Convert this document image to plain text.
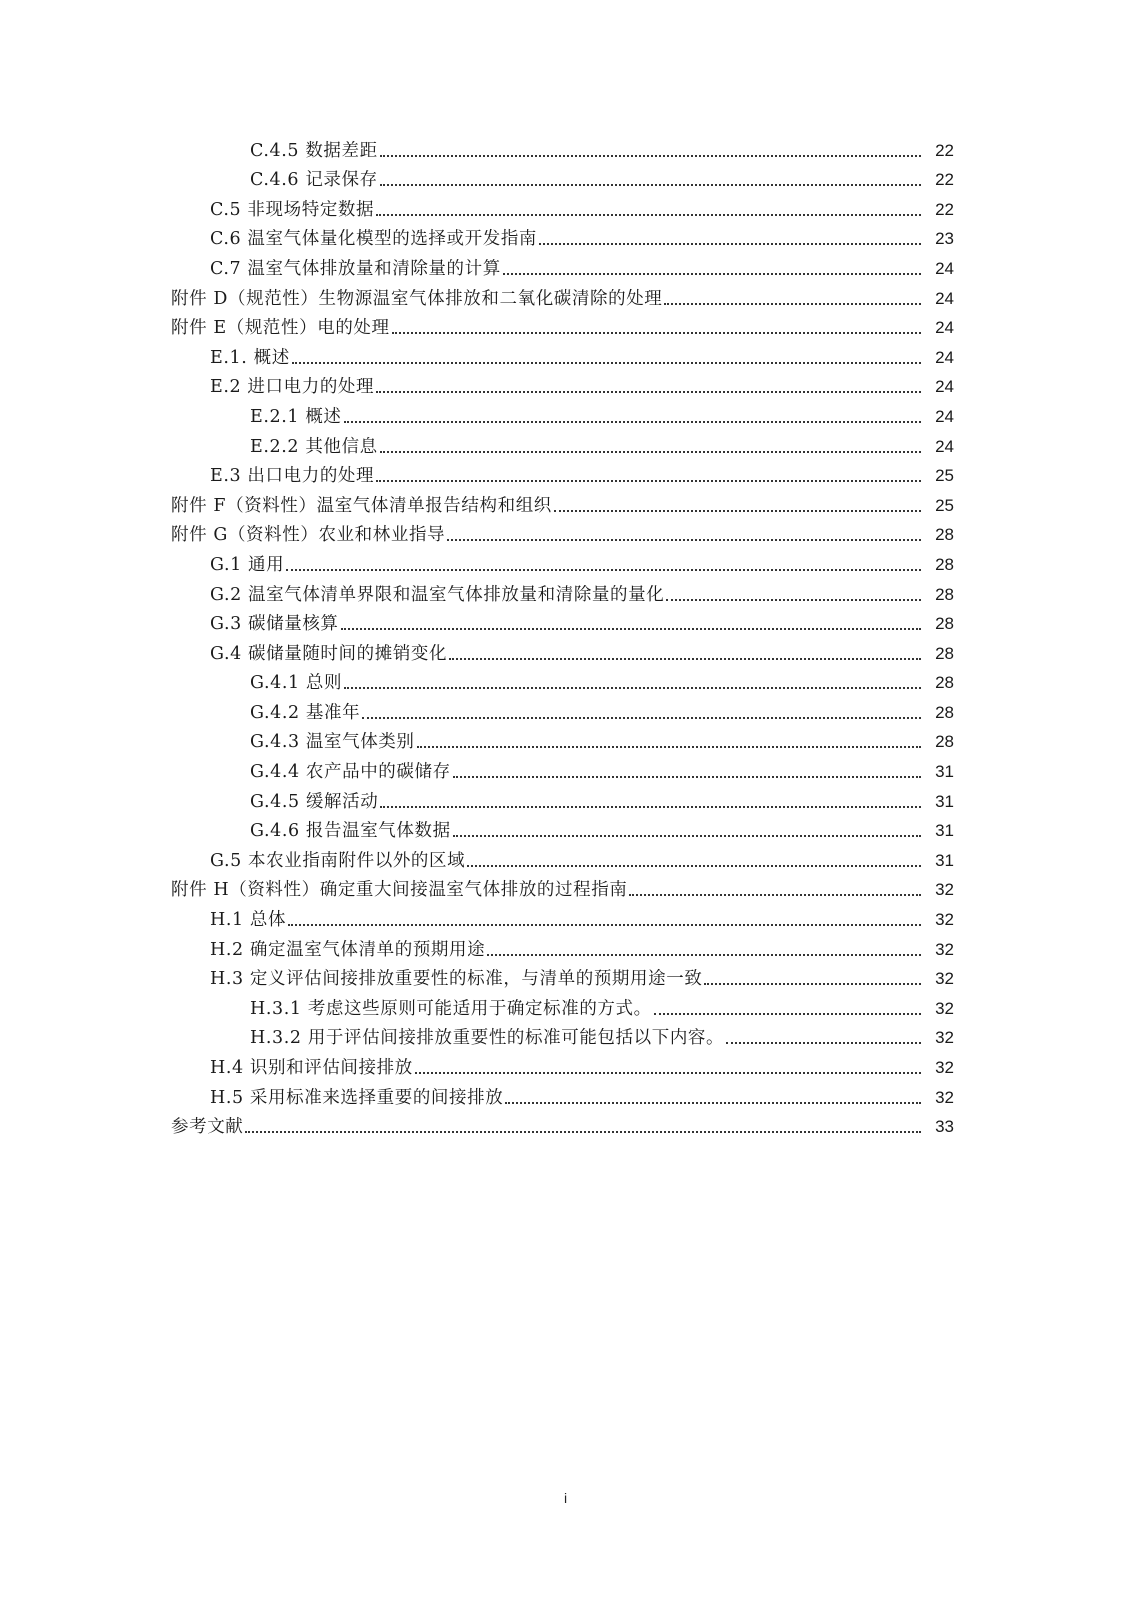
C.4.5 数据差距	22
C.4.6 记录保存	22
C.5 非现场特定数据	22
C.6 温室气体量化模型的选择或开发指南	23
C.7 温室气体排放量和清除量的计算	24
附件 D（规范性）生物源温室气体排放和二氧化碳清除的处理	24
附件 E（规范性）电的处理	24
E.1. 概述	24
E.2 进口电力的处理	24
E.2.1 概述	24
E.2.2 其他信息	24
E.3 出口电力的处理	25
附件 F（资料性）温室气体清单报告结构和组织	25
附件 G（资料性）农业和林业指导	28
G.1 通用	28
G.2 温室气体清单界限和温室气体排放量和清除量的量化	28
G.3 碳储量核算	28
G.4 碳储量随时间的摊销变化	28
G.4.1 总则	28
G.4.2 基准年	28
G.4.3 温室气体类别	28
G.4.4 农产品中的碳储存	31
G.4.5 缓解活动	31
G.4.6 报告温室气体数据	31
G.5 本农业指南附件以外的区域	31
附件 H（资料性）确定重大间接温室气体排放的过程指南	32
H.1 总体	32
H.2 确定温室气体清单的预期用途	32
H.3 定义评估间接排放重要性的标准，与清单的预期用途一致	32
H.3.1 考虑这些原则可能适用于确定标准的方式。	32
H.3.2 用于评估间接排放重要性的标准可能包括以下内容。	32
H.4 识别和评估间接排放	32
H.5 采用标准来选择重要的间接排放	32
参考文献	33
i
